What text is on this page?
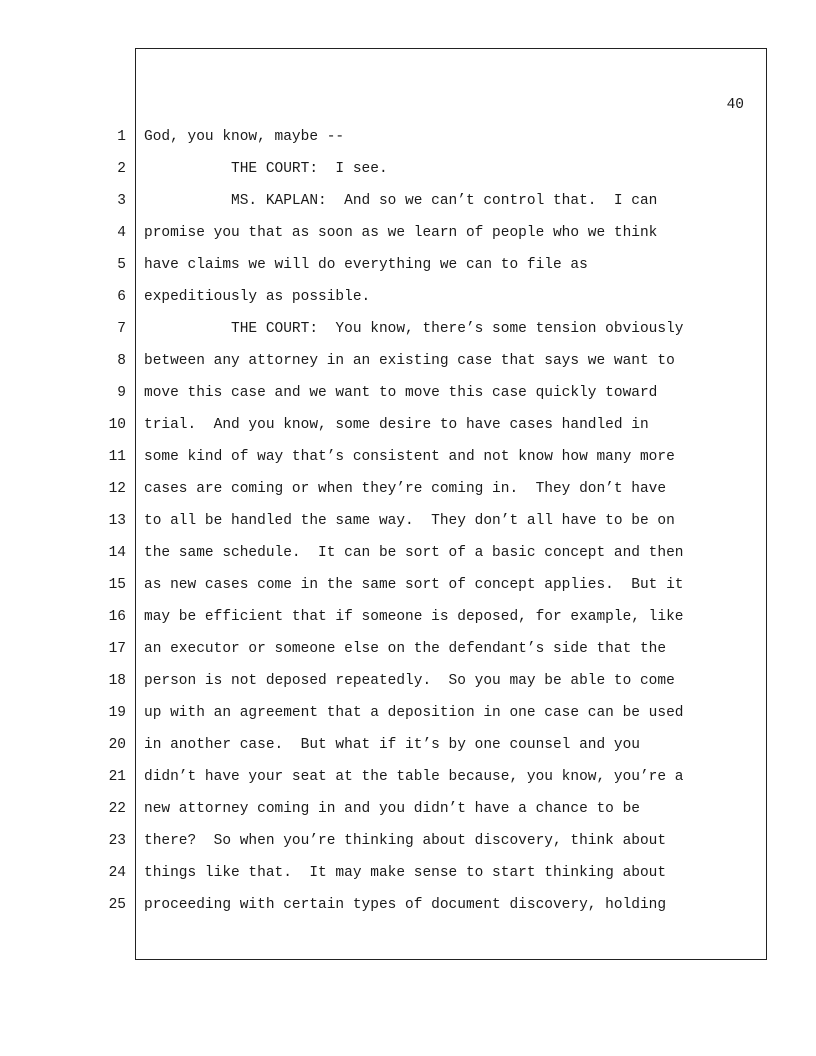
40
1
2
3
4
5
6
7
8
9
10
11
12
13
14
15
16
17
18
19
20
21
22
23
24
25
God, you know, maybe --
THE COURT:  I see.
MS. KAPLAN:  And so we can’t control that.  I can
promise you that as soon as we learn of people who we think
have claims we will do everything we can to file as
expeditiously as possible.
THE COURT:  You know, there’s some tension obviously
between any attorney in an existing case that says we want to
move this case and we want to move this case quickly toward
trial.  And you know, some desire to have cases handled in
some kind of way that’s consistent and not know how many more
cases are coming or when they’re coming in.  They don’t have
to all be handled the same way.  They don’t all have to be on
the same schedule.  It can be sort of a basic concept and then
as new cases come in the same sort of concept applies.  But it
may be efficient that if someone is deposed, for example, like
an executor or someone else on the defendant’s side that the
person is not deposed repeatedly.  So you may be able to come
up with an agreement that a deposition in one case can be used
in another case.  But what if it’s by one counsel and you
didn’t have your seat at the table because, you know, you’re a
new attorney coming in and you didn’t have a chance to be
there?  So when you’re thinking about discovery, think about
things like that.  It may make sense to start thinking about
proceeding with certain types of document discovery, holding
